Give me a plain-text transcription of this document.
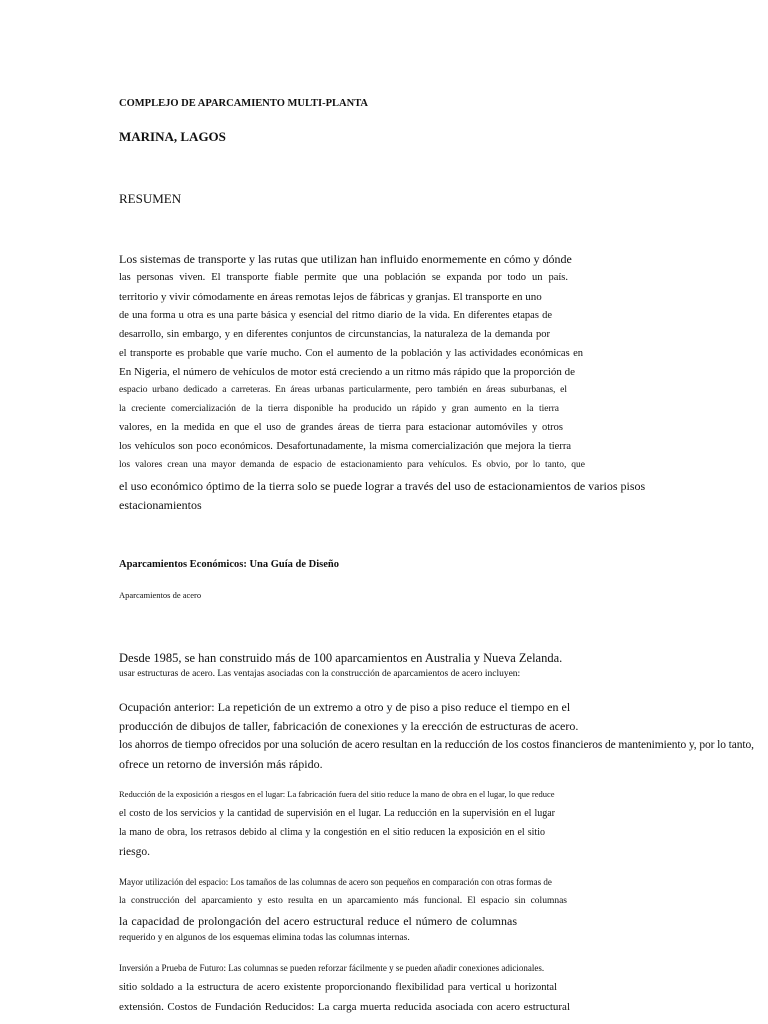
COMPLEJO DE APARCAMIENTO MULTI-PLANTA
MARINA, LAGOS
RESUMEN
Los sistemas de transporte y las rutas que utilizan han influido enormemente en cómo y dónde
las personas viven. El transporte fiable permite que una población se expanda por todo un país.
territorio y vivir cómodamente en áreas remotas lejos de fábricas y granjas. El transporte en uno
de una forma u otra es una parte básica y esencial del ritmo diario de la vida. En diferentes etapas de
desarrollo, sin embargo, y en diferentes conjuntos de circunstancias, la naturaleza de la demanda por
el transporte es probable que varíe mucho. Con el aumento de la población y las actividades económicas en
En Nigeria, el número de vehículos de motor está creciendo a un ritmo más rápido que la proporción de
espacio urbano dedicado a carreteras. En áreas urbanas particularmente, pero también en áreas suburbanas, el
la creciente comercialización de la tierra disponible ha producido un rápido y gran aumento en la tierra
valores, en la medida en que el uso de grandes áreas de tierra para estacionar automóviles y otros
los vehículos son poco económicos. Desafortunadamente, la misma comercialización que mejora la tierra
los valores crean una mayor demanda de espacio de estacionamiento para vehículos. Es obvio, por lo tanto, que
el uso económico óptimo de la tierra solo se puede lograr a través del uso de estacionamientos de varios pisos
estacionamientos
Aparcamientos Económicos: Una Guía de Diseño
Aparcamientos de acero
Desde 1985, se han construido más de 100 aparcamientos en Australia y Nueva Zelanda.
usar estructuras de acero. Las ventajas asociadas con la construcción de aparcamientos de acero incluyen:
Ocupación anterior: La repetición de un extremo a otro y de piso a piso reduce el tiempo en el
producción de dibujos de taller, fabricación de conexiones y la erección de estructuras de acero.
los ahorros de tiempo ofrecidos por una solución de acero resultan en la reducción de los costos financieros de mantenimiento y, por lo tanto,
ofrece un retorno de inversión más rápido.
Reducción de la exposición a riesgos en el lugar: La fabricación fuera del sitio reduce la mano de obra en el lugar, lo que reduce
el costo de los servicios y la cantidad de supervisión en el lugar. La reducción en la supervisión en el lugar
la mano de obra, los retrasos debido al clima y la congestión en el sitio reducen la exposición en el sitio
riesgo.
Mayor utilización del espacio: Los tamaños de las columnas de acero son pequeños en comparación con otras formas de
la construcción del aparcamiento y esto resulta en un aparcamiento más funcional. El espacio sin columnas
la capacidad de prolongación del acero estructural reduce el número de columnas
requerido y en algunos de los esquemas elimina todas las columnas internas.
Inversión a Prueba de Futuro: Las columnas se pueden reforzar fácilmente y se pueden añadir conexiones adicionales.
sitio soldado a la estructura de acero existente proporcionando flexibilidad para vertical u horizontal
extensión. Costos de Fundación Reducidos: La carga muerta reducida asociada con acero estructural
